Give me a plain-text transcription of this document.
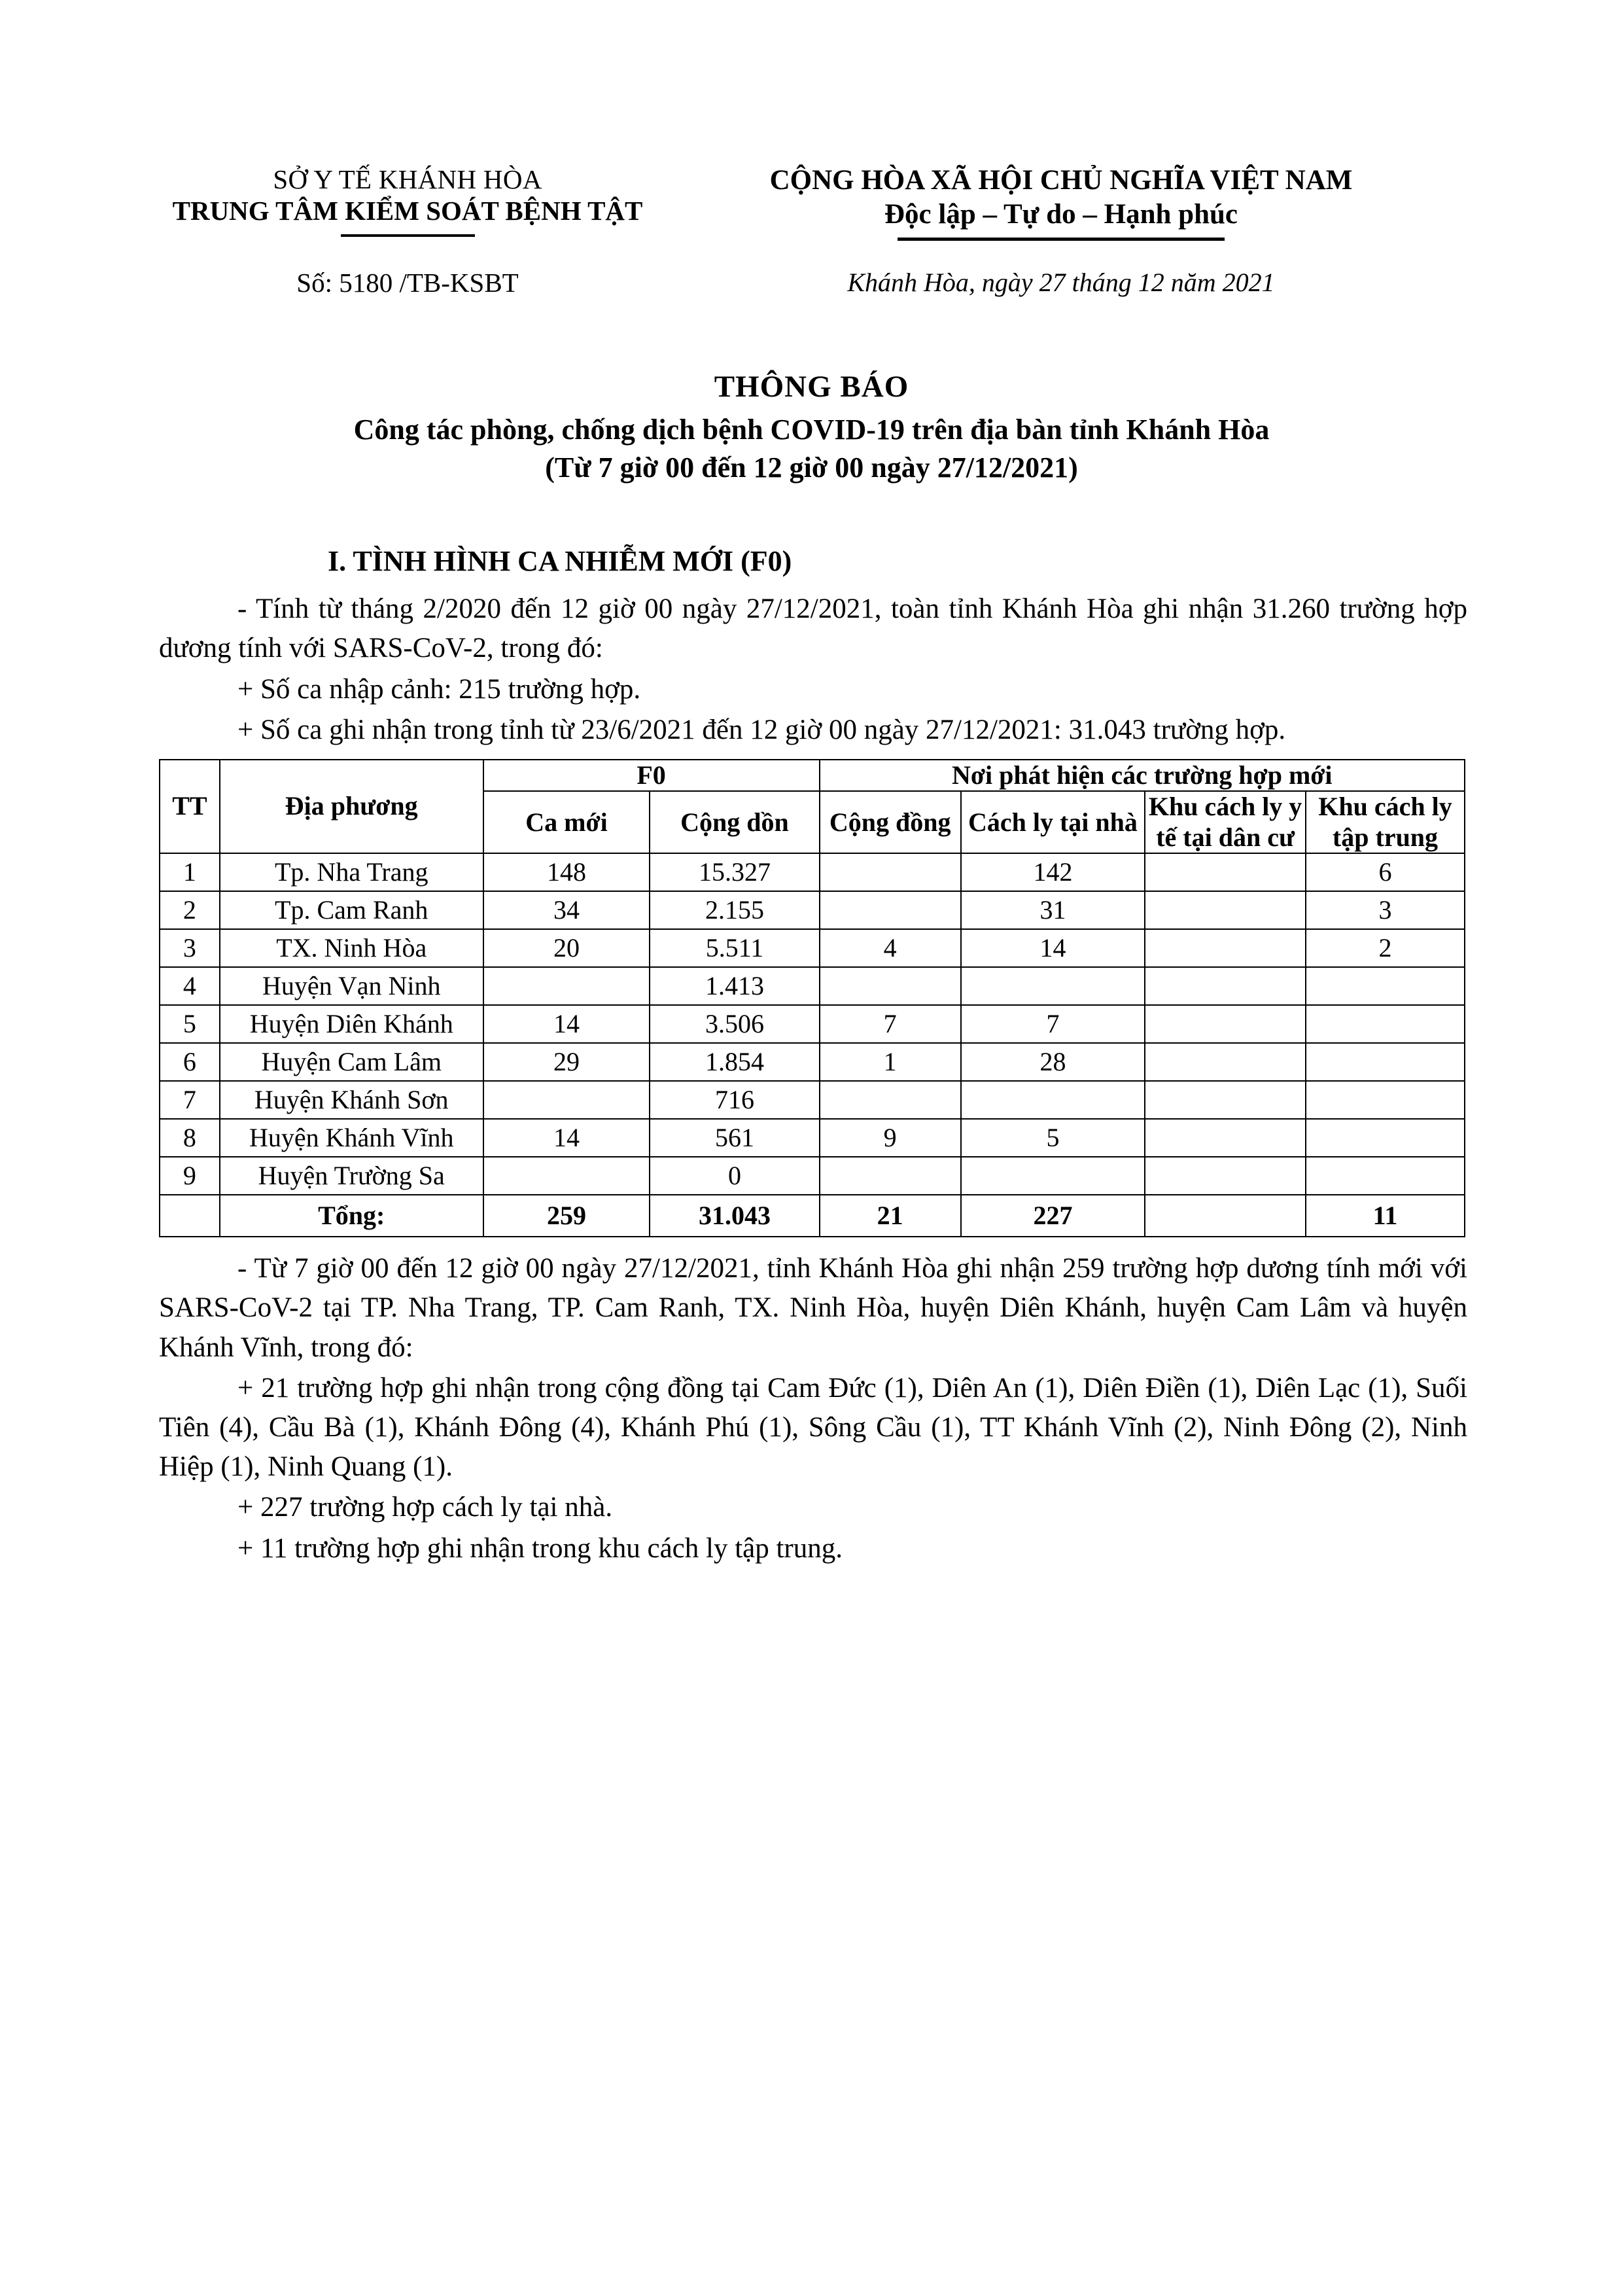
SỞ Y TẾ KHÁNH HÒA
TRUNG TÂM KIỂM SOÁT BỆNH TẬT
CỘNG HÒA XÃ HỘI CHỦ NGHĨA VIỆT NAM
Độc lập – Tự do – Hạnh phúc
Số: 5180 /TB-KSBT	Khánh Hòa, ngày 27 tháng 12 năm 2021
THÔNG BÁO
Công tác phòng, chống dịch bệnh COVID-19 trên địa bàn tỉnh Khánh Hòa
(Từ 7 giờ 00 đến 12 giờ 00 ngày 27/12/2021)
I. TÌNH HÌNH CA NHIỄM MỚI (F0)
- Tính từ tháng 2/2020 đến 12 giờ 00 ngày 27/12/2021, toàn tỉnh Khánh Hòa ghi nhận 31.260 trường hợp dương tính với SARS-CoV-2, trong đó:
+ Số ca nhập cảnh: 215 trường hợp.
+ Số ca ghi nhận trong tỉnh từ 23/6/2021 đến 12 giờ 00 ngày 27/12/2021: 31.043 trường hợp.
TT	Địa phương	F0		Nơi phát hiện các trường hợp mới			
		Ca mới	Cộng dồn	Cộng đồng	Cách ly tại nhà	Khu cách ly y tế tại dân cư	Khu cách ly tập trung
1	Tp. Nha Trang	148	15.327		142		6
2	Tp. Cam Ranh	34	2.155		31		3
3	TX. Ninh Hòa	20	5.511	4	14		2
4	Huyện Vạn Ninh		1.413				
5	Huyện Diên Khánh	14	3.506	7	7		
6	Huyện Cam Lâm	29	1.854	1	28		
7	Huyện Khánh Sơn		716				
8	Huyện Khánh Vĩnh	14	561	9	5		
9	Huyện Trường Sa		0				
	Tổng:	259	31.043	21	227		11
- Từ 7 giờ 00 đến 12 giờ 00 ngày 27/12/2021, tỉnh Khánh Hòa ghi nhận 259 trường hợp dương tính mới với SARS-CoV-2 tại TP. Nha Trang, TP. Cam Ranh, TX. Ninh Hòa, huyện Diên Khánh, huyện Cam Lâm và huyện Khánh Vĩnh, trong đó:
+ 21 trường hợp ghi nhận trong cộng đồng tại Cam Đức (1), Diên An (1), Diên Điền (1), Diên Lạc (1), Suối Tiên (4), Cầu Bà (1), Khánh Đông (4), Khánh Phú (1), Sông Cầu (1), TT Khánh Vĩnh (2), Ninh Đông (2), Ninh Hiệp (1), Ninh Quang (1).
+ 227 trường hợp cách ly tại nhà.
+ 11 trường hợp ghi nhận trong khu cách ly tập trung.
